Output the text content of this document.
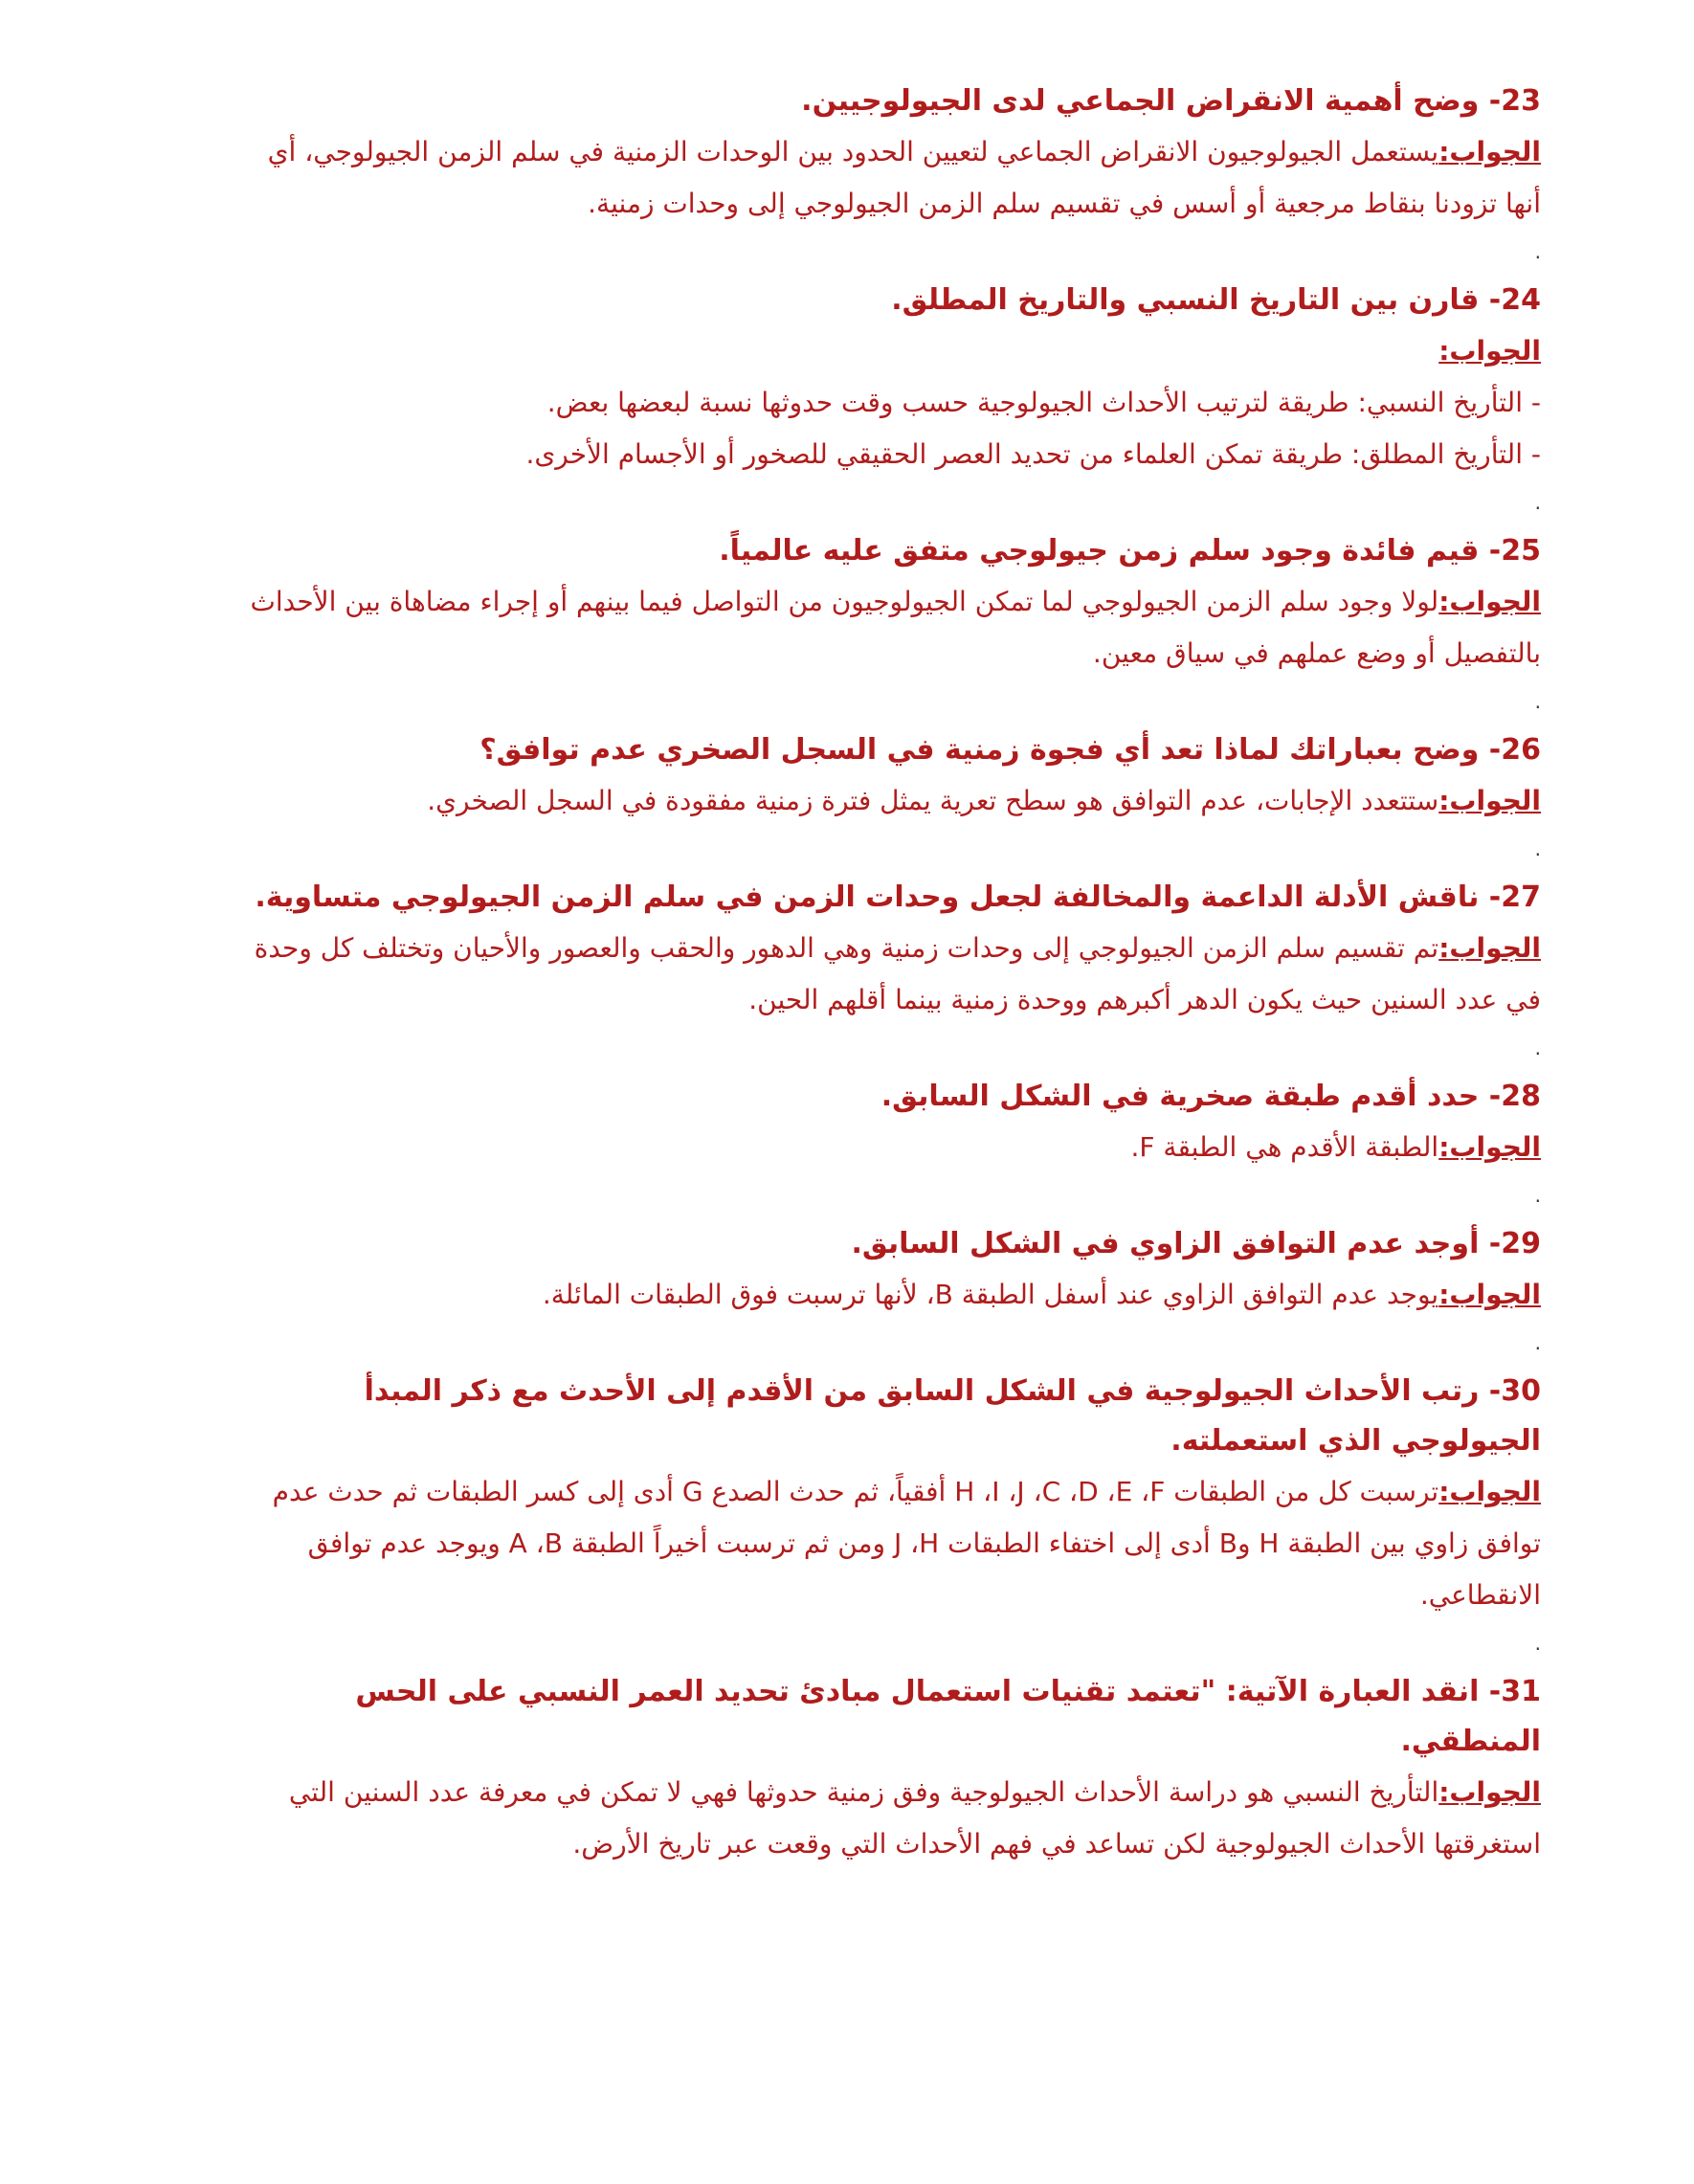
23- وضح أهمية الانقراض الجماعي لدى الجيولوجيين.

الجواب:يستعمل الجيولوجيون الانقراض الجماعي لتعيين الحدود بين الوحدات الزمنية في سلم الزمن الجيولوجي، أي أنها تزودنا بنقاط مرجعية أو أسس في تقسيم سلم الزمن الجيولوجي إلى وحدات زمنية.

.

24- قارن بين التاريخ النسبي والتاريخ المطلق.

الجواب:

- التأريخ النسبي: طريقة لترتيب الأحداث الجيولوجية حسب وقت حدوثها نسبة لبعضها بعض.

- التأريخ المطلق: طريقة تمكن العلماء من تحديد العصر الحقيقي للصخور أو الأجسام الأخرى.

.

25- قيم فائدة وجود سلم زمن جيولوجي متفق عليه عالمياً.

الجواب:لولا وجود سلم الزمن الجيولوجي لما تمكن الجيولوجيون من التواصل فيما بينهم أو إجراء مضاهاة بين الأحداث بالتفصيل أو وضع عملهم في سياق معين.

.

26- وضح بعباراتك لماذا تعد أي فجوة زمنية في السجل الصخري عدم توافق؟

الجواب:ستتعدد الإجابات، عدم التوافق هو سطح تعرية يمثل فترة زمنية مفقودة في السجل الصخري.

.

27- ناقش الأدلة الداعمة والمخالفة لجعل وحدات الزمن في سلم الزمن الجيولوجي متساوية.

الجواب:تم تقسيم سلم الزمن الجيولوجي إلى وحدات زمنية وهي الدهور والحقب والعصور والأحيان وتختلف كل وحدة في عدد السنين حيث يكون الدهر أكبرهم ووحدة زمنية بينما أقلهم الحين.

.

28- حدد أقدم طبقة صخرية في الشكل السابق.

الجواب:الطبقة الأقدم هي الطبقة F.

.

29- أوجد عدم التوافق الزاوي في الشكل السابق.

الجواب:يوجد عدم التوافق الزاوي عند أسفل الطبقة B، لأنها ترسبت فوق الطبقات المائلة.

.

30- رتب الأحداث الجيولوجية في الشكل السابق من الأقدم إلى الأحدث مع ذكر المبدأ الجيولوجي الذي استعملته.

الجواب:ترسبت كل من الطبقات H ،I ،J ،C ،D ،E ،F أفقياً، ثم حدث الصدع G أدى إلى كسر الطبقات ثم حدث عدم توافق زاوي بين الطبقة H وB أدى إلى اختفاء الطبقات J ،H ومن ثم ترسبت أخيراً الطبقة A ،B ويوجد عدم توافق الانقطاعي.

.

31- انقد العبارة الآتية: "تعتمد تقنيات استعمال مبادئ تحديد العمر النسبي على الحس المنطقي.

الجواب:التأريخ النسبي هو دراسة الأحداث الجيولوجية وفق زمنية حدوثها فهي لا تمكن في معرفة عدد السنين التي استغرقتها الأحداث الجيولوجية لكن تساعد في فهم الأحداث التي وقعت عبر تاريخ الأرض.
